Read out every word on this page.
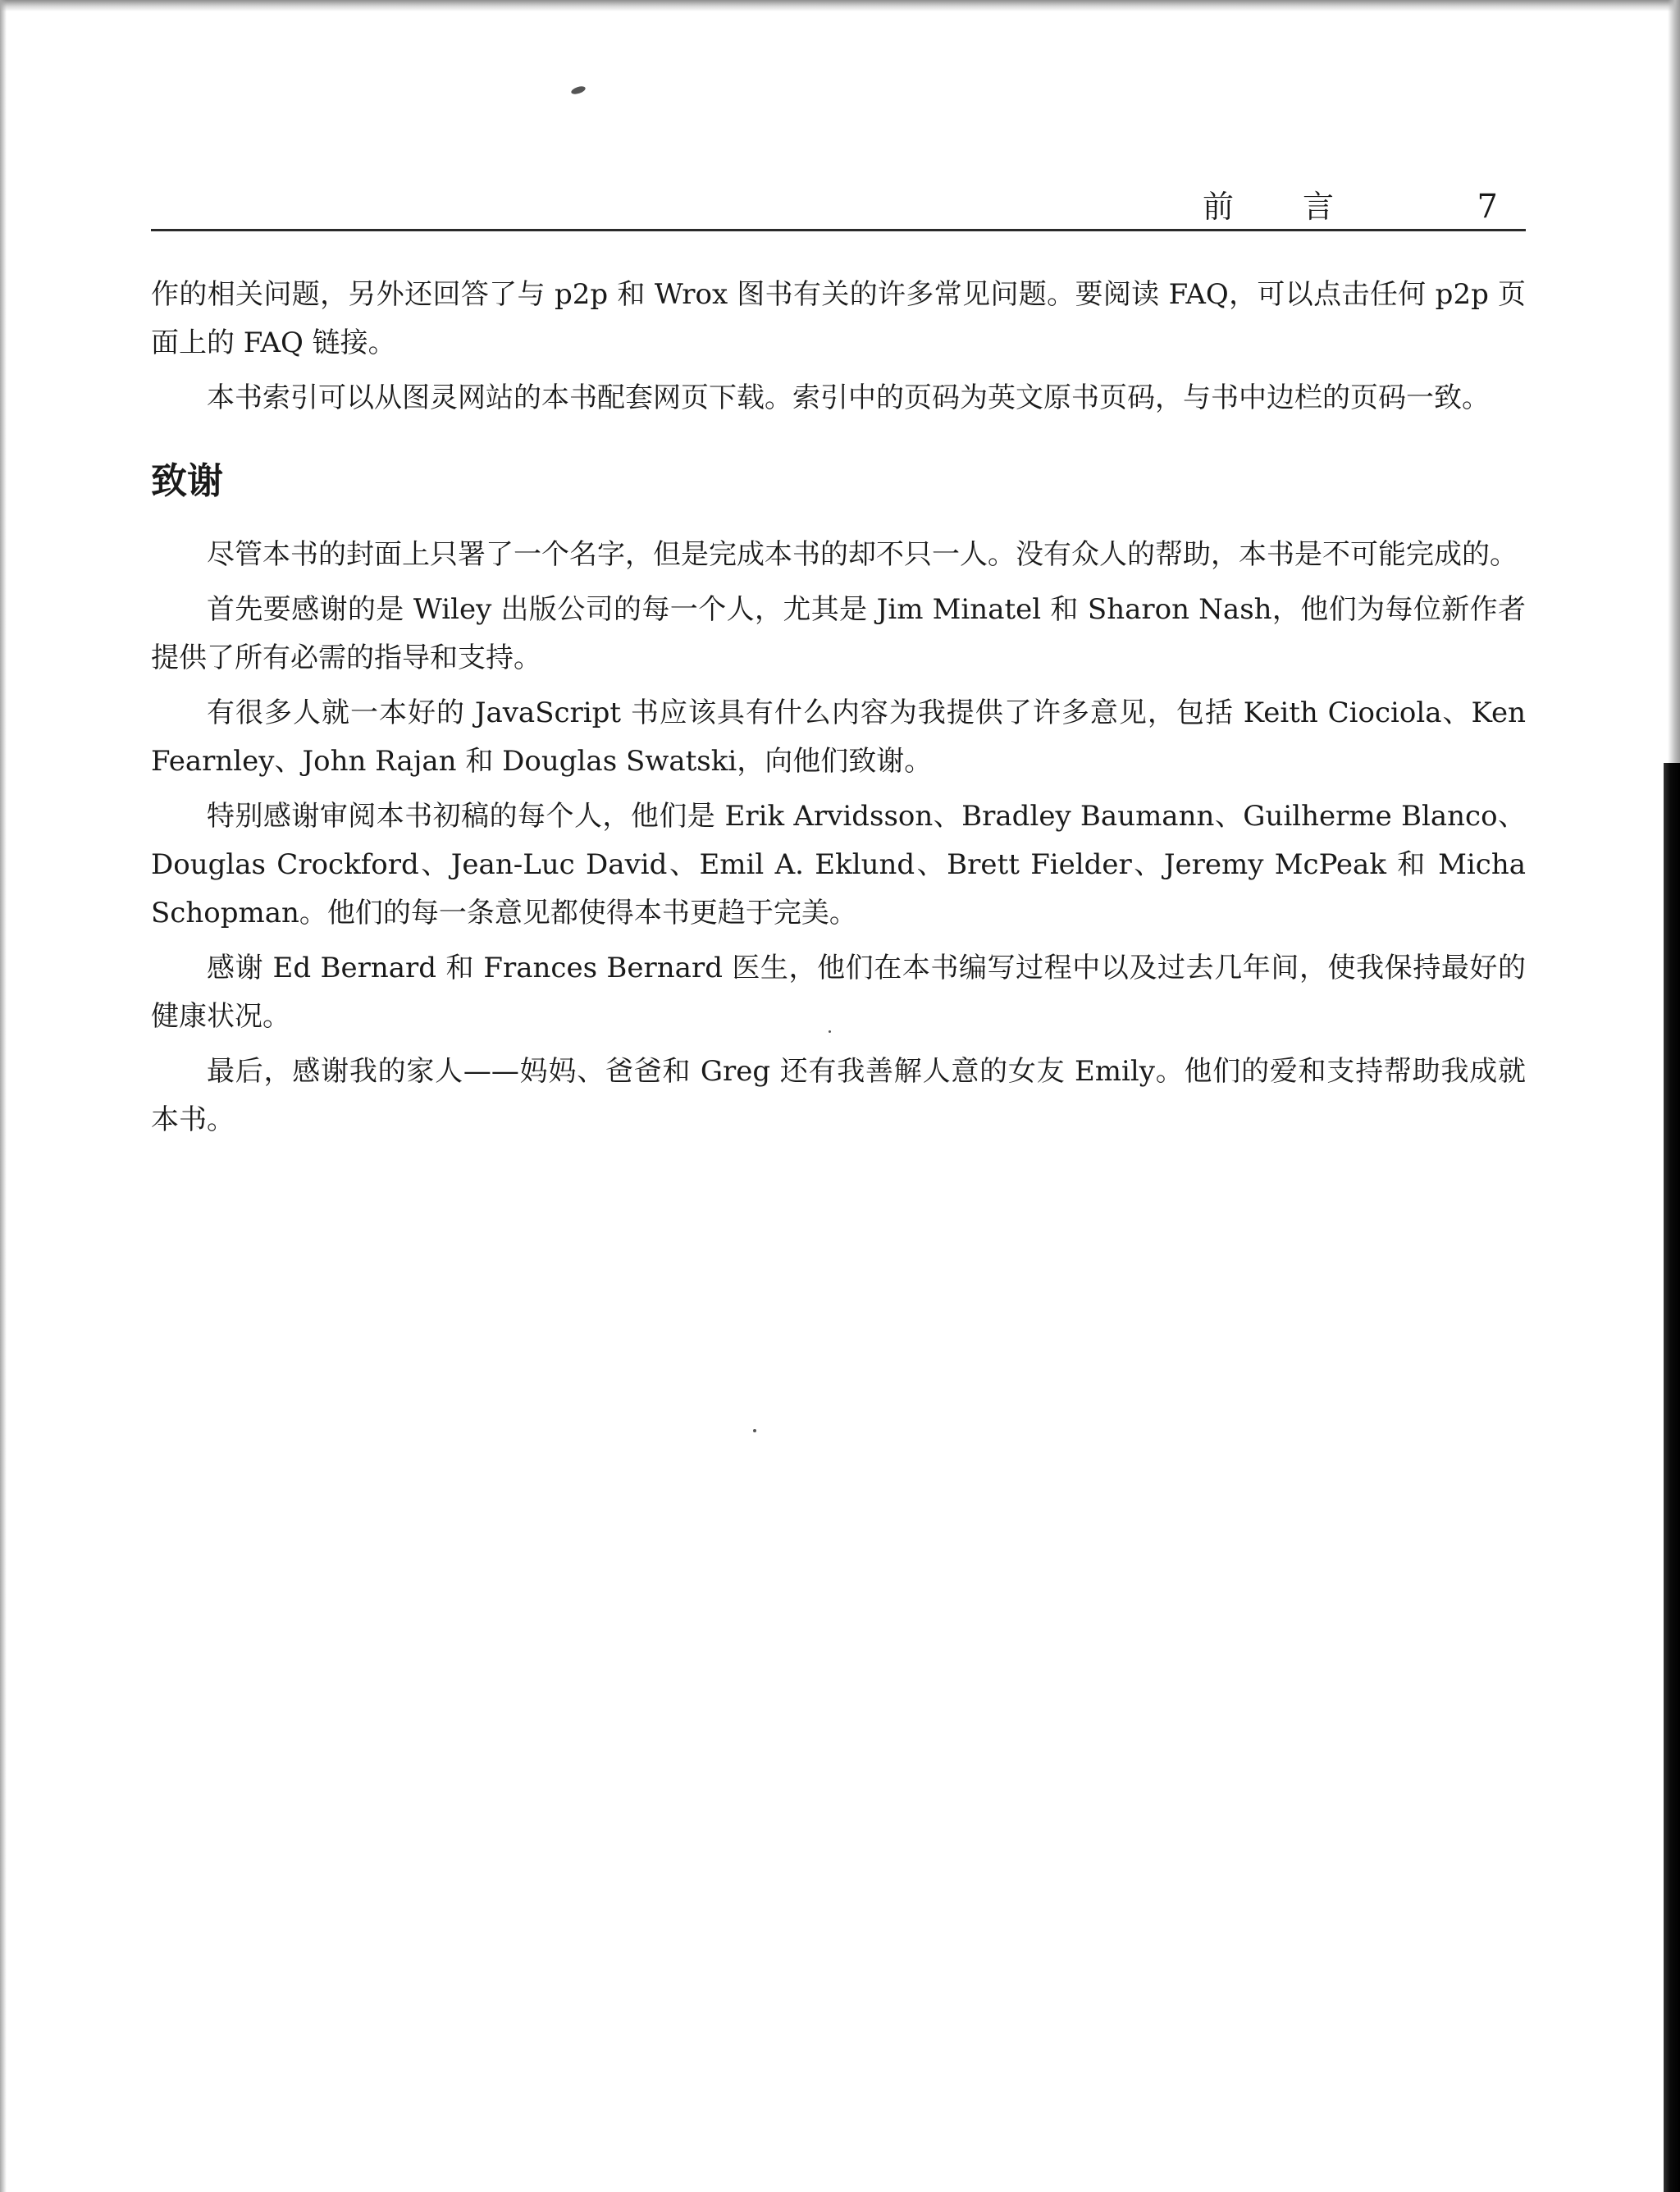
前言 7

作的相关问题，另外还回答了与 p2p 和 Wrox 图书有关的许多常见问题。要阅读 FAQ，可以点击任何 p2p 页面上的 FAQ 链接。

本书索引可以从图灵网站的本书配套网页下载。索引中的页码为英文原书页码，与书中边栏的页码一致。

致谢

尽管本书的封面上只署了一个名字，但是完成本书的却不只一人。没有众人的帮助，本书是不可能完成的。

首先要感谢的是 Wiley 出版公司的每一个人，尤其是 Jim Minatel 和 Sharon Nash，他们为每位新作者提供了所有必需的指导和支持。

有很多人就一本好的 JavaScript 书应该具有什么内容为我提供了许多意见，包括 Keith Ciociola、Ken Fearnley、John Rajan 和 Douglas Swatski，向他们致谢。

特别感谢审阅本书初稿的每个人，他们是 Erik Arvidsson、Bradley Baumann、Guilherme Blanco、Douglas Crockford、Jean-Luc David、Emil A. Eklund、Brett Fielder、Jeremy McPeak 和 Micha Schopman。他们的每一条意见都使得本书更趋于完美。

感谢 Ed Bernard 和 Frances Bernard 医生，他们在本书编写过程中以及过去几年间，使我保持最好的健康状况。

最后，感谢我的家人——妈妈、爸爸和 Greg 还有我善解人意的女友 Emily。他们的爱和支持帮助我成就本书。
